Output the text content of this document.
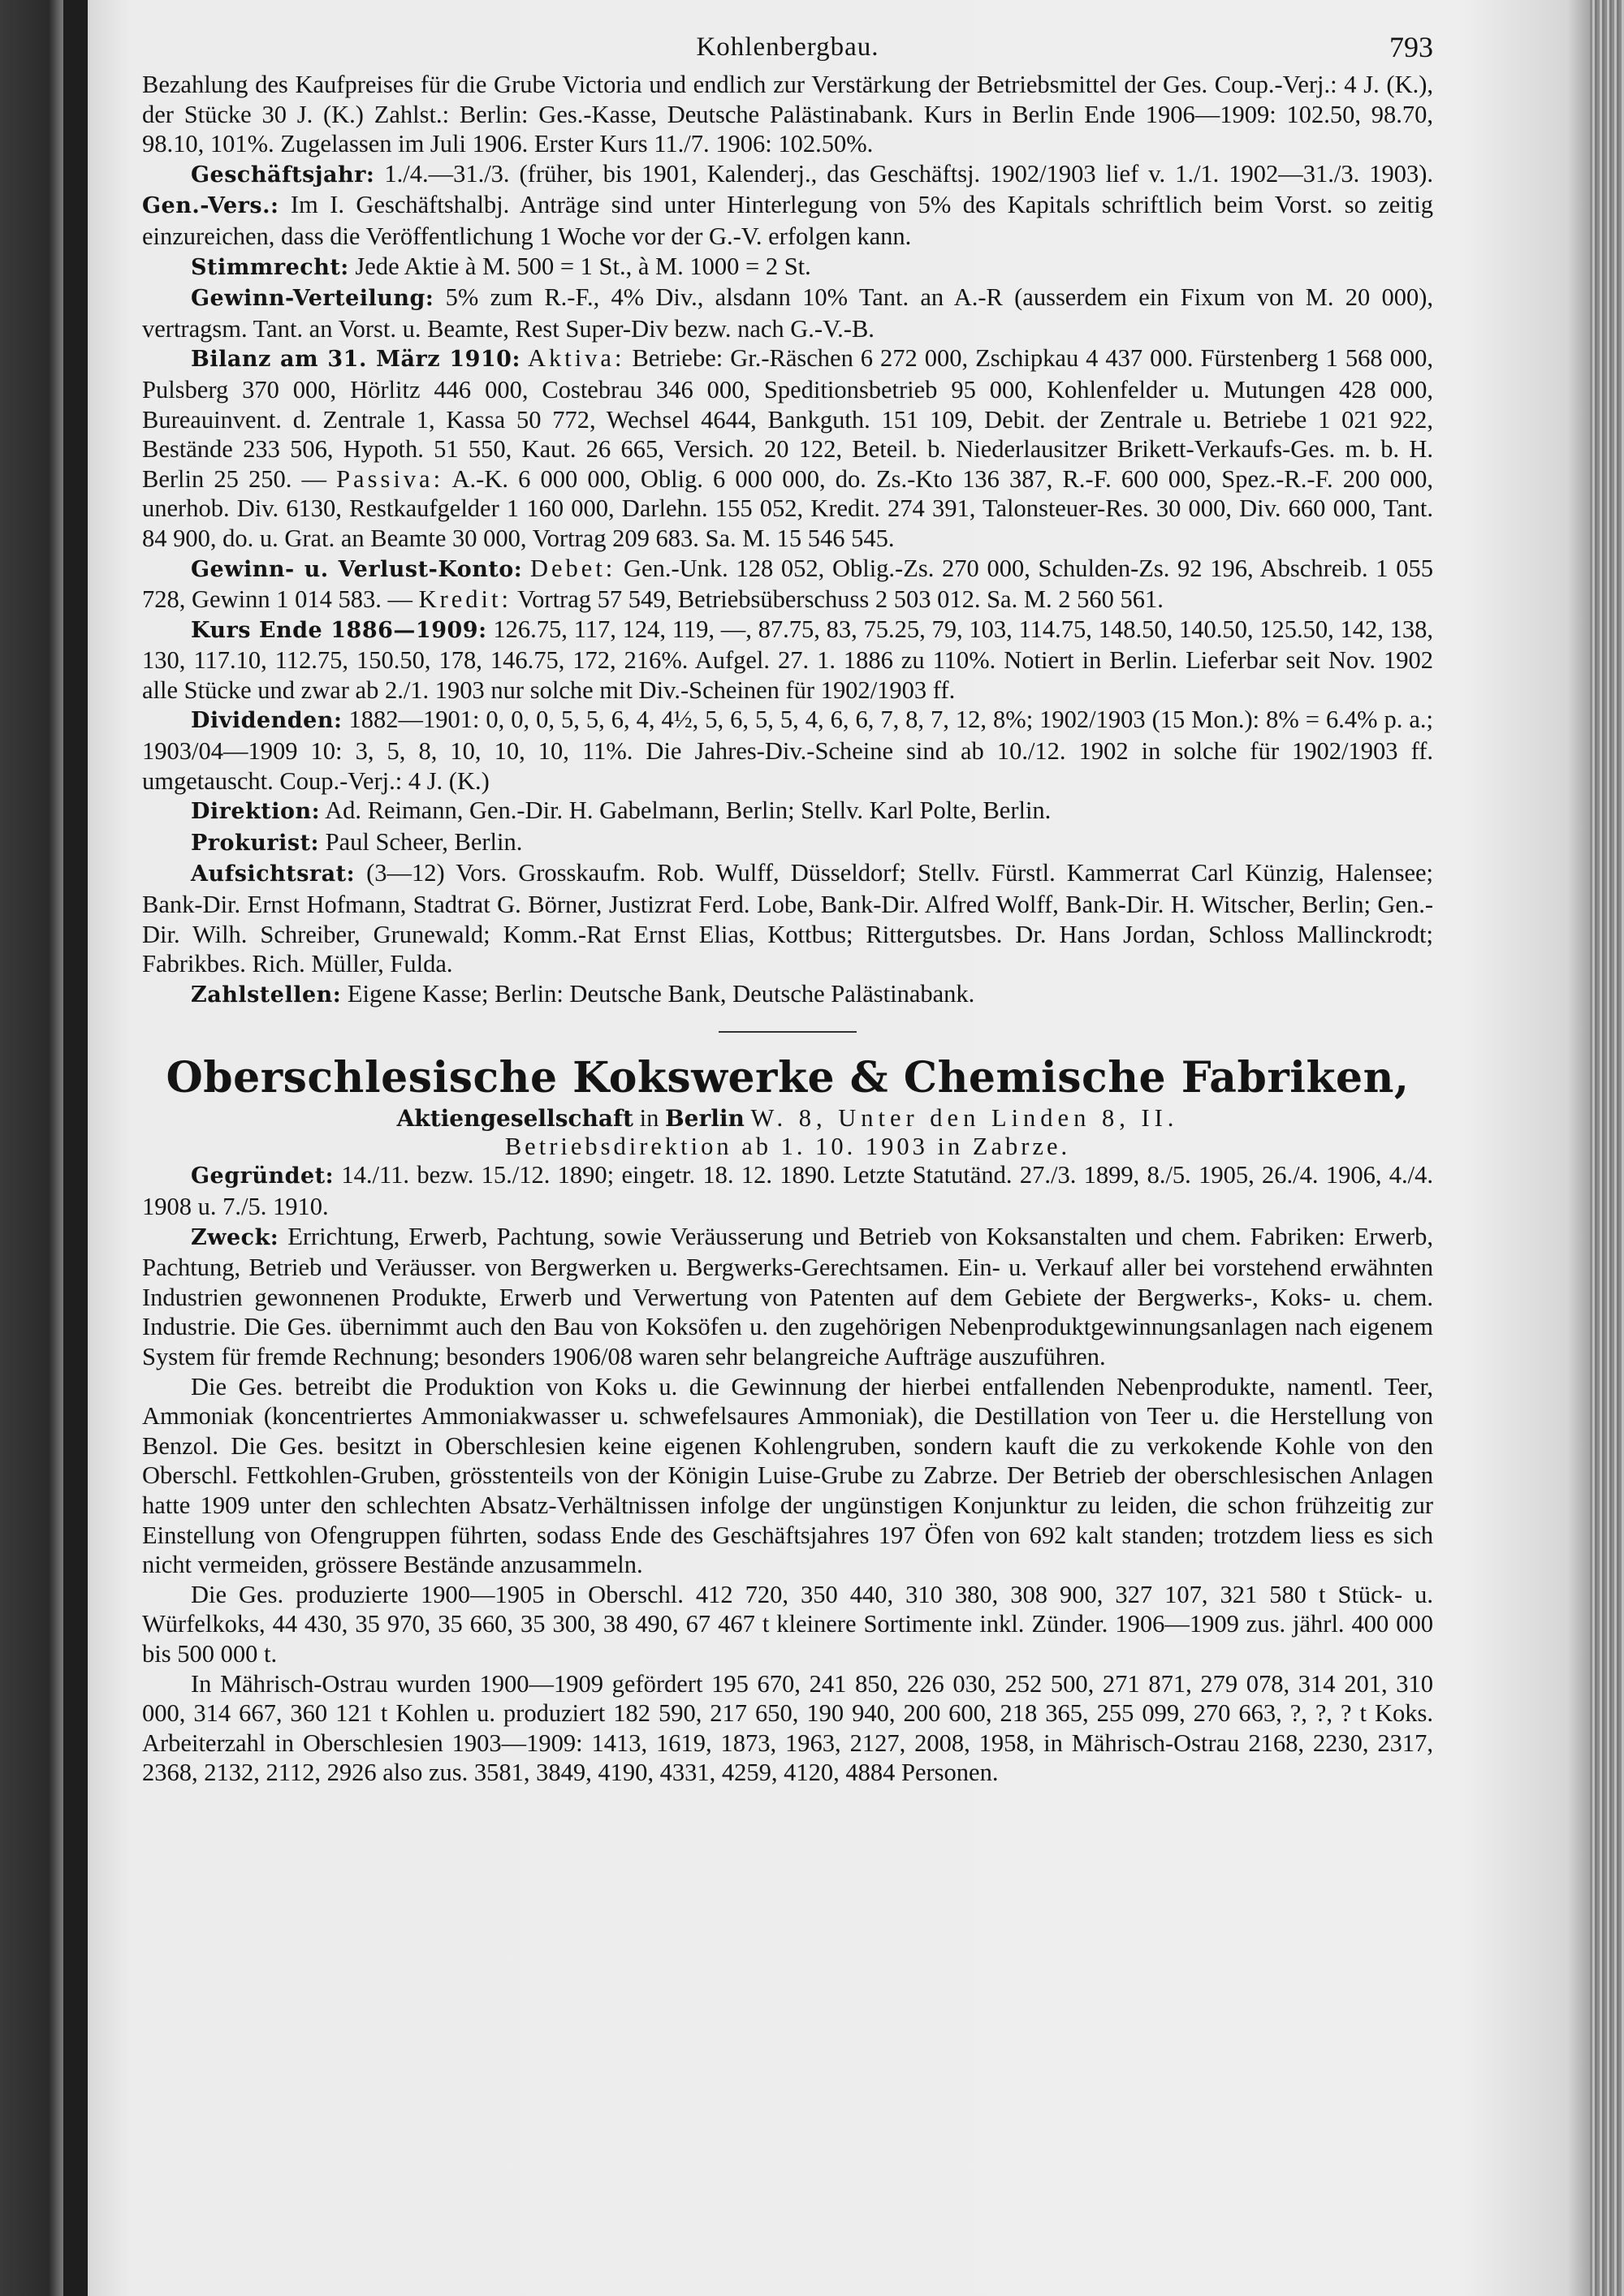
Kohlenbergbau.	793

Bezahlung des Kaufpreises für die Grube Victoria und endlich zur Verstärkung der Betriebsmittel der Ges. Coup.-Verj.: 4 J. (K.), der Stücke 30 J. (K.) Zahlst.: Berlin: Ges.-Kasse, Deutsche Palästinabank. Kurs in Berlin Ende 1906—1909: 102.50, 98.70, 98.10, 101%. Zugelassen im Juli 1906. Erster Kurs 11./7. 1906: 102.50%.

Geschäftsjahr: 1./4.—31./3. (früher, bis 1901, Kalenderj., das Geschäftsj. 1902/1903 lief v. 1./1. 1902—31./3. 1903). Gen.-Vers.: Im I. Geschäftshalbj. Anträge sind unter Hinterlegung von 5% des Kapitals schriftlich beim Vorst. so zeitig einzureichen, dass die Veröffentlichung 1 Woche vor der G.-V. erfolgen kann.

Stimmrecht: Jede Aktie à M. 500 = 1 St., à M. 1000 = 2 St.

Gewinn-Verteilung: 5% zum R.-F., 4% Div., alsdann 10% Tant. an A.-R (ausserdem ein Fixum von M. 20 000), vertragsm. Tant. an Vorst. u. Beamte, Rest Super-Div bezw. nach G.-V.-B.

Bilanz am 31. März 1910: Aktiva: Betriebe: Gr.-Räschen 6 272 000, Zschipkau 4 437 000. Fürstenberg 1 568 000, Pulsberg 370 000, Hörlitz 446 000, Costebrau 346 000, Speditionsbetrieb 95 000, Kohlenfelder u. Mutungen 428 000, Bureauinvent. d. Zentrale 1, Kassa 50 772, Wechsel 4644, Bankguth. 151 109, Debit. der Zentrale u. Betriebe 1 021 922, Bestände 233 506, Hypoth. 51 550, Kaut. 26 665, Versich. 20 122, Beteil. b. Niederlausitzer Brikett-Verkaufs-Ges. m. b. H. Berlin 25 250. — Passiva: A.-K. 6 000 000, Oblig. 6 000 000, do. Zs.-Kto 136 387, R.-F. 600 000, Spez.-R.-F. 200 000, unerhob. Div. 6130, Restkaufgelder 1 160 000, Darlehn. 155 052, Kredit. 274 391, Talonsteuer-Res. 30 000, Div. 660 000, Tant. 84 900, do. u. Grat. an Beamte 30 000, Vortrag 209 683. Sa. M. 15 546 545.

Gewinn- u. Verlust-Konto: Debet: Gen.-Unk. 128 052, Oblig.-Zs. 270 000, Schulden-Zs. 92 196, Abschreib. 1 055 728, Gewinn 1 014 583. — Kredit: Vortrag 57 549, Betriebsüberschuss 2 503 012. Sa. M. 2 560 561.

Kurs Ende 1886—1909: 126.75, 117, 124, 119, —, 87.75, 83, 75.25, 79, 103, 114.75, 148.50, 140.50, 125.50, 142, 138, 130, 117.10, 112.75, 150.50, 178, 146.75, 172, 216%. Aufgel. 27. 1. 1886 zu 110%. Notiert in Berlin. Lieferbar seit Nov. 1902 alle Stücke und zwar ab 2./1. 1903 nur solche mit Div.-Scheinen für 1902/1903 ff.

Dividenden: 1882—1901: 0, 0, 0, 5, 5, 6, 4, 4½, 5, 6, 5, 5, 4, 6, 6, 7, 8, 7, 12, 8%; 1902/1903 (15 Mon.): 8% = 6.4% p. a.; 1903/04—1909 10: 3, 5, 8, 10, 10, 10, 11%. Die Jahres-Div.-Scheine sind ab 10./12. 1902 in solche für 1902/1903 ff. umgetauscht. Coup.-Verj.: 4 J. (K.)

Direktion: Ad. Reimann, Gen.-Dir. H. Gabelmann, Berlin; Stellv. Karl Polte, Berlin.

Prokurist: Paul Scheer, Berlin.

Aufsichtsrat: (3—12) Vors. Grosskaufm. Rob. Wulff, Düsseldorf; Stellv. Fürstl. Kammerrat Carl Künzig, Halensee; Bank-Dir. Ernst Hofmann, Stadtrat G. Börner, Justizrat Ferd. Lobe, Bank-Dir. Alfred Wolff, Bank-Dir. H. Witscher, Berlin; Gen.-Dir. Wilh. Schreiber, Grunewald; Komm.-Rat Ernst Elias, Kottbus; Rittergutsbes. Dr. Hans Jordan, Schloss Mallinckrodt; Fabrikbes. Rich. Müller, Fulda.

Zahlstellen: Eigene Kasse; Berlin: Deutsche Bank, Deutsche Palästinabank.

Oberschlesische Kokswerke & Chemische Fabriken,
Aktiengesellschaft in Berlin W. 8, Unter den Linden 8, II.
Betriebsdirektion ab 1. 10. 1903 in Zabrze.

Gegründet: 14./11. bezw. 15./12. 1890; eingetr. 18. 12. 1890. Letzte Statutänd. 27./3. 1899, 8./5. 1905, 26./4. 1906, 4./4. 1908 u. 7./5. 1910.

Zweck: Errichtung, Erwerb, Pachtung, sowie Veräusserung und Betrieb von Koksanstalten und chem. Fabriken: Erwerb, Pachtung, Betrieb und Veräusser. von Bergwerken u. Bergwerks-Gerechtsamen. Ein- u. Verkauf aller bei vorstehend erwähnten Industrien gewonnenen Produkte, Erwerb und Verwertung von Patenten auf dem Gebiete der Bergwerks-, Koks- u. chem. Industrie. Die Ges. übernimmt auch den Bau von Koksöfen u. den zugehörigen Nebenproduktgewinnungsanlagen nach eigenem System für fremde Rechnung; besonders 1906/08 waren sehr belangreiche Aufträge auszuführen.

Die Ges. betreibt die Produktion von Koks u. die Gewinnung der hierbei entfallenden Nebenprodukte, namentl. Teer, Ammoniak (koncentriertes Ammoniakwasser u. schwefelsaures Ammoniak), die Destillation von Teer u. die Herstellung von Benzol. Die Ges. besitzt in Oberschlesien keine eigenen Kohlengruben, sondern kauft die zu verkokende Kohle von den Oberschl. Fettkohlen-Gruben, grösstenteils von der Königin Luise-Grube zu Zabrze. Der Betrieb der oberschlesischen Anlagen hatte 1909 unter den schlechten Absatz-Verhältnissen infolge der ungünstigen Konjunktur zu leiden, die schon frühzeitig zur Einstellung von Ofengruppen führten, sodass Ende des Geschäftsjahres 197 Öfen von 692 kalt standen; trotzdem liess es sich nicht vermeiden, grössere Bestände anzusammeln.

Die Ges. produzierte 1900—1905 in Oberschl. 412 720, 350 440, 310 380, 308 900, 327 107, 321 580 t Stück- u. Würfelkoks, 44 430, 35 970, 35 660, 35 300, 38 490, 67 467 t kleinere Sortimente inkl. Zünder. 1906—1909 zus. jährl. 400 000 bis 500 000 t.

In Mährisch-Ostrau wurden 1900—1909 gefördert 195 670, 241 850, 226 030, 252 500, 271 871, 279 078, 314 201, 310 000, 314 667, 360 121 t Kohlen u. produziert 182 590, 217 650, 190 940, 200 600, 218 365, 255 099, 270 663, ?, ?, ? t Koks. Arbeiterzahl in Oberschlesien 1903—1909: 1413, 1619, 1873, 1963, 2127, 2008, 1958, in Mährisch-Ostrau 2168, 2230, 2317, 2368, 2132, 2112, 2926 also zus. 3581, 3849, 4190, 4331, 4259, 4120, 4884 Personen.
